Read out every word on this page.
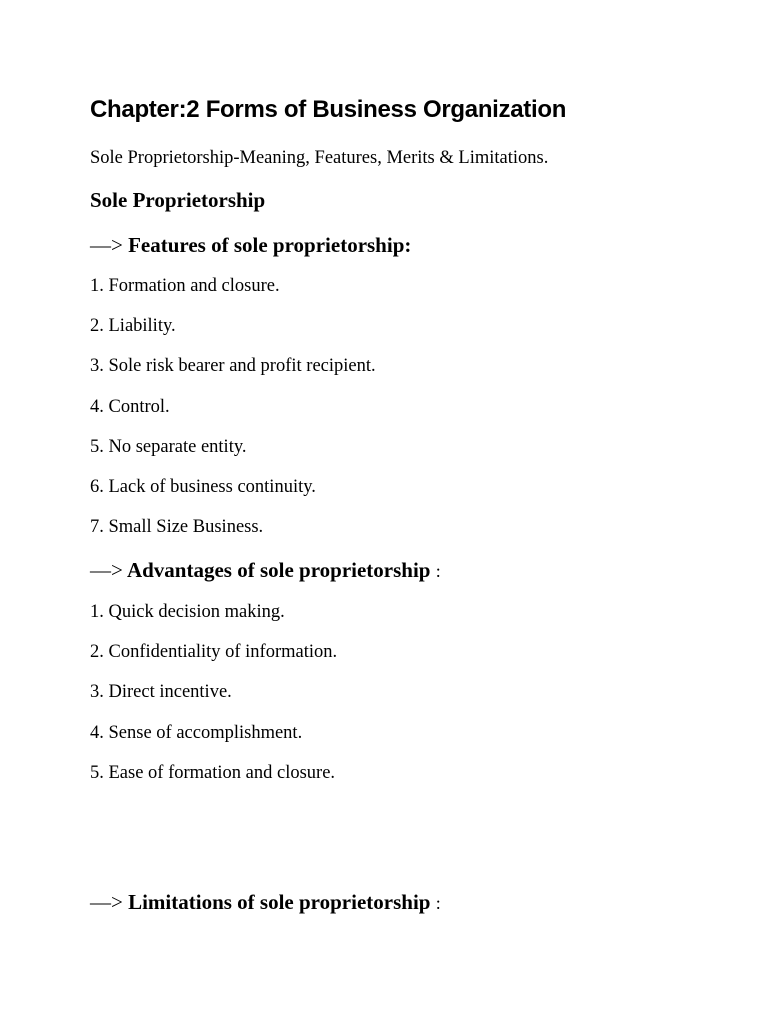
Chapter:2 Forms of Business Organization

Sole Proprietorship-Meaning, Features, Merits & Limitations.

Sole Proprietorship
—> Features of sole proprietorship:
1. Formation and closure.
2. Liability.
3. Sole risk bearer and profit recipient.
4. Control.
5. No separate entity.
6. Lack of business continuity.
7. Small Size Business.
—> Advantages of sole proprietorship :
1. Quick decision making.
2. Confidentiality of information.
3. Direct incentive.
4. Sense of accomplishment.
5. Ease of formation and closure.
—> Limitations of sole proprietorship :
